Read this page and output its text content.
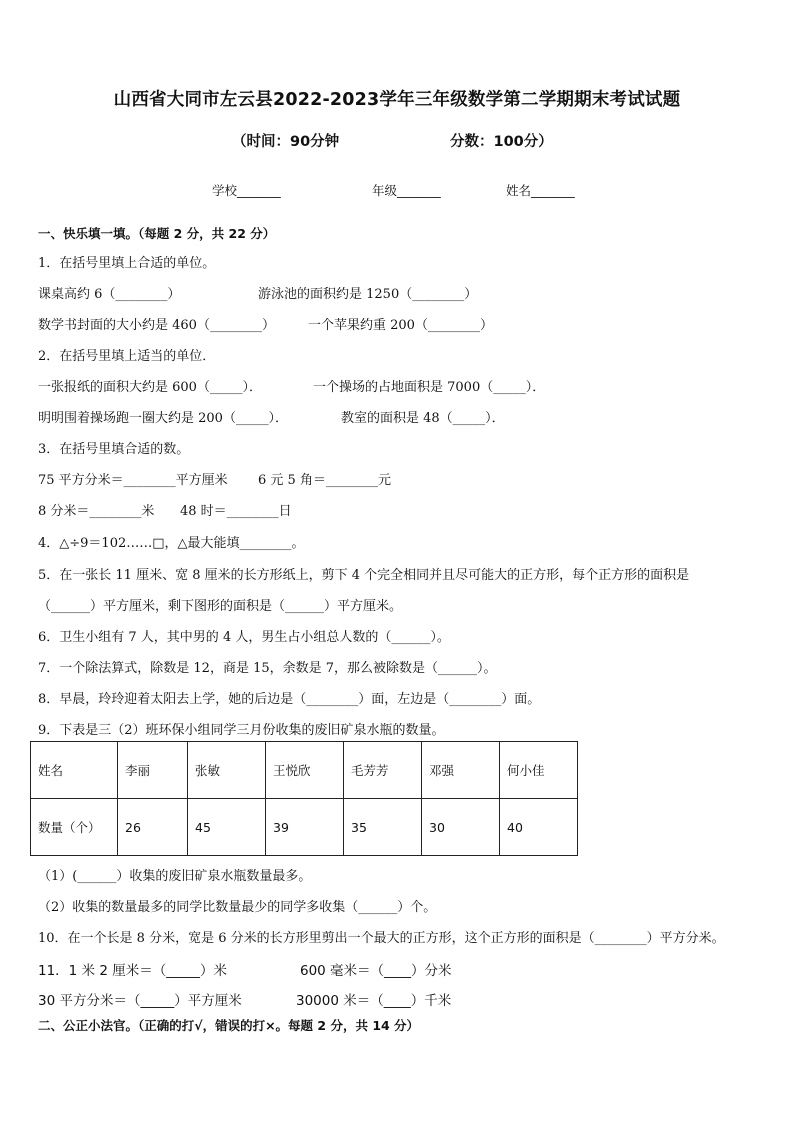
山西省大同市左云县2022-2023学年三年级数学第二学期期末考试试题
（时间：90分钟	分数：100分）
学校_______	年级_______	姓名_______
一、快乐填一填。（每题 2 分，共 22 分）
1．在括号里填上合适的单位。
课桌高约 6（________）	游泳池的面积约是 1250（________）
数学书封面的大小约是 460（________）	一个苹果约重 200（________）
2．在括号里填上适当的单位．
一张报纸的面积大约是 600（_____）．	一个操场的占地面积是 7000（_____）．
明明围着操场跑一圈大约是 200（_____）．	教室的面积是 48（_____）．
3．在括号里填合适的数。
75 平方分米＝________平方厘米 6 元 5 角＝________元
8 分米＝________米 48 时＝________日
4．△÷9＝102……□，△最大能填________。
5．在一张长 11 厘米、宽 8 厘米的长方形纸上，剪下 4 个完全相同并且尽可能大的正方形，每个正方形的面积是
（______）平方厘米，剩下图形的面积是（______）平方厘米。
6．卫生小组有 7 人，其中男的 4 人，男生占小组总人数的（______）。
7．一个除法算式，除数是 12，商是 15，余数是 7，那么被除数是（______）。
8．早晨，玲玲迎着太阳去上学，她的后边是（________）面，左边是（________）面。
9．下表是三（2）班环保小组同学三月份收集的废旧矿泉水瓶的数量。
姓名	李丽	张敏	王悦欣	毛芳芳	邓强	何小佳
数量（个）	26	45	39	35	30	40
（1）(______）收集的废旧矿泉水瓶数量最多。
（2）收集的数量最多的同学比数量最少的同学多收集（______）个。
10．在一个长是 8 分米，宽是 6 分米的长方形里剪出一个最大的正方形，这个正方形的面积是（________）平方分米。
11．1 米 2 厘米＝（_____）米	600 毫米＝（____）分米
30 平方分米＝（_____）平方厘米	30000 米＝（____）千米
二、公正小法官。（正确的打√，错误的打×。每题 2 分，共 14 分）
